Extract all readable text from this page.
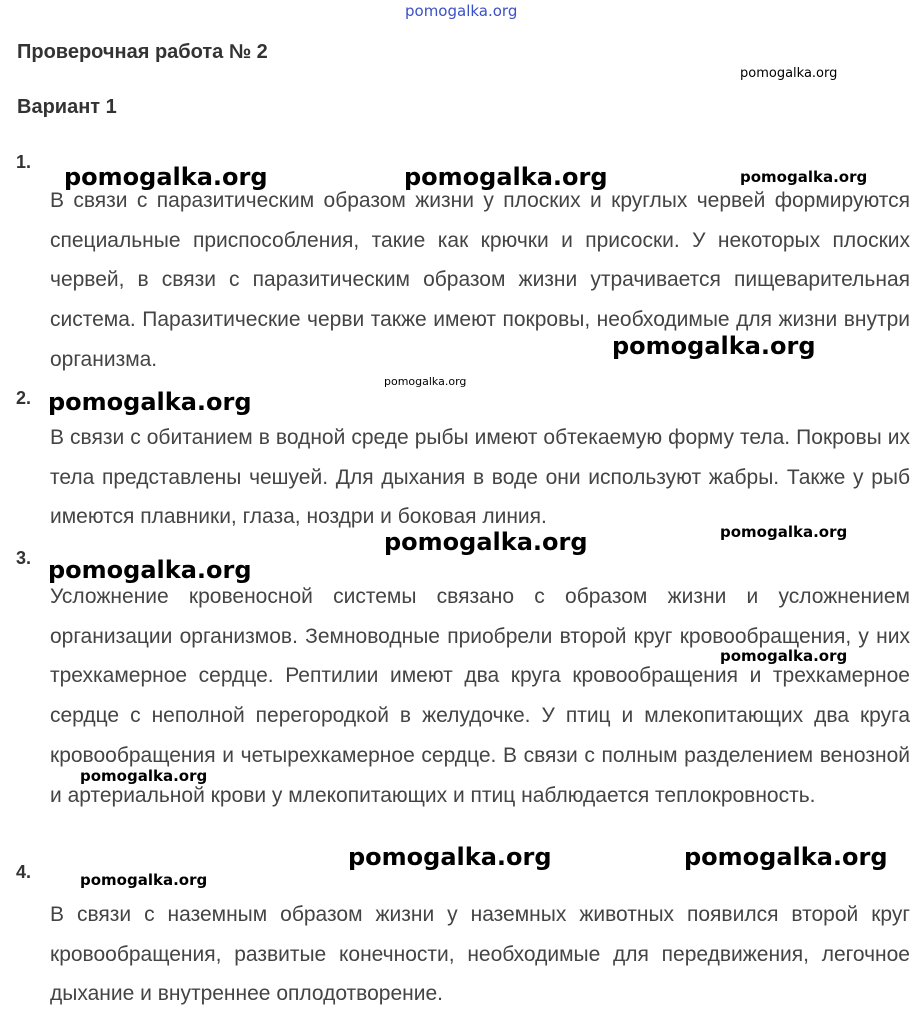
pomogalka.org
Проверочная работа № 2
Вариант 1
1.
В связи с паразитическим образом жизни у плоских и круглых червей формируются специальные приспособления, такие как крючки и присоски. У некоторых плоских червей, в связи с паразитическим образом жизни утрачивается пищеварительная система. Паразитические черви также имеют покровы, необходимые для жизни внутри организма.
2.
В связи с обитанием в водной среде рыбы имеют обтекаемую форму тела. Покровы их тела представлены чешуей. Для дыхания в воде они используют жабры. Также у рыб имеются плавники, глаза, ноздри и боковая линия.
3.
Усложнение кровеносной системы связано с образом жизни и усложнением организации организмов. Земноводные приобрели второй круг кровообращения, у них трехкамерное сердце. Рептилии имеют два круга кровообращения и трехкамерное сердце с неполной перегородкой в желудочке. У птиц и млекопитающих два круга кровообращения и четырехкамерное сердце. В связи с полным разделением венозной и артериальной крови у млекопитающих и птиц наблюдается теплокровность.
4.
В связи с наземным образом жизни у наземных животных появился второй круг кровообращения, развитые конечности, необходимые для передвижения, легочное дыхание и внутреннее оплодотворение.
pomogalka.org
pomogalka.org	pomogalka.org	pomogalka.org
pomogalka.org
pomogalka.org
pomogalka.org
pomogalka.org
pomogalka.org
pomogalka.org
pomogalka.org
pomogalka.org
pomogalka.org	pomogalka.org
pomogalka.org
